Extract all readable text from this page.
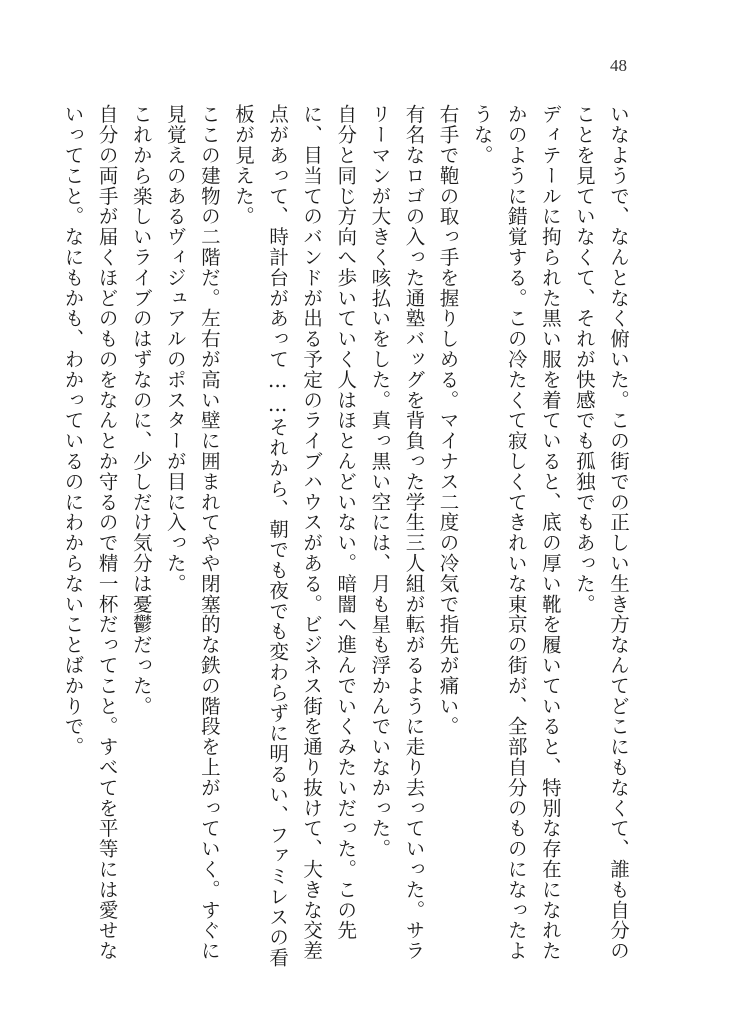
48

いなようで、なんとなく俯いた。この街での正しい生き方なんてどこにもなくて、誰も自分のことを見ていなくて、それが快感でも孤独でもあった。

ディテールに拘られた黒い服を着ていると、底の厚い靴を履いていると、特別な存在になれたかのように錯覚する。この冷たくて寂しくてきれいな東京の街が、全部自分のものになったような。

右手で鞄の取っ手を握りしめる。マイナス二度の冷気で指先が痛い。

有名なロゴの入った通塾バッグを背負った学生三人組が転がるように走り去っていった。サラリーマンが大きく咳払いをした。真っ黒い空には、月も星も浮かんでいなかった。

自分と同じ方向へ歩いていく人はほとんどいない。暗闇へ進んでいくみたいだった。この先に、目当てのバンドが出る予定のライブハウスがある。ビジネス街を通り抜けて、大きな交差点があって、時計台があって……それから、朝でも夜でも変わらずに明るい、ファミレスの看板が見えた。

ここの建物の二階だ。左右が高い壁に囲まれてやや閉塞的な鉄の階段を上がっていく。すぐに見覚えのあるヴィジュアルのポスターが目に入った。

これから楽しいライブのはずなのに、少しだけ気分は憂鬱だった。

自分の両手が届くほどのものをなんとか守るので精一杯だってこと。すべてを平等には愛せないってこと。なにもかも、わかっているのにわからないことばかりで。
